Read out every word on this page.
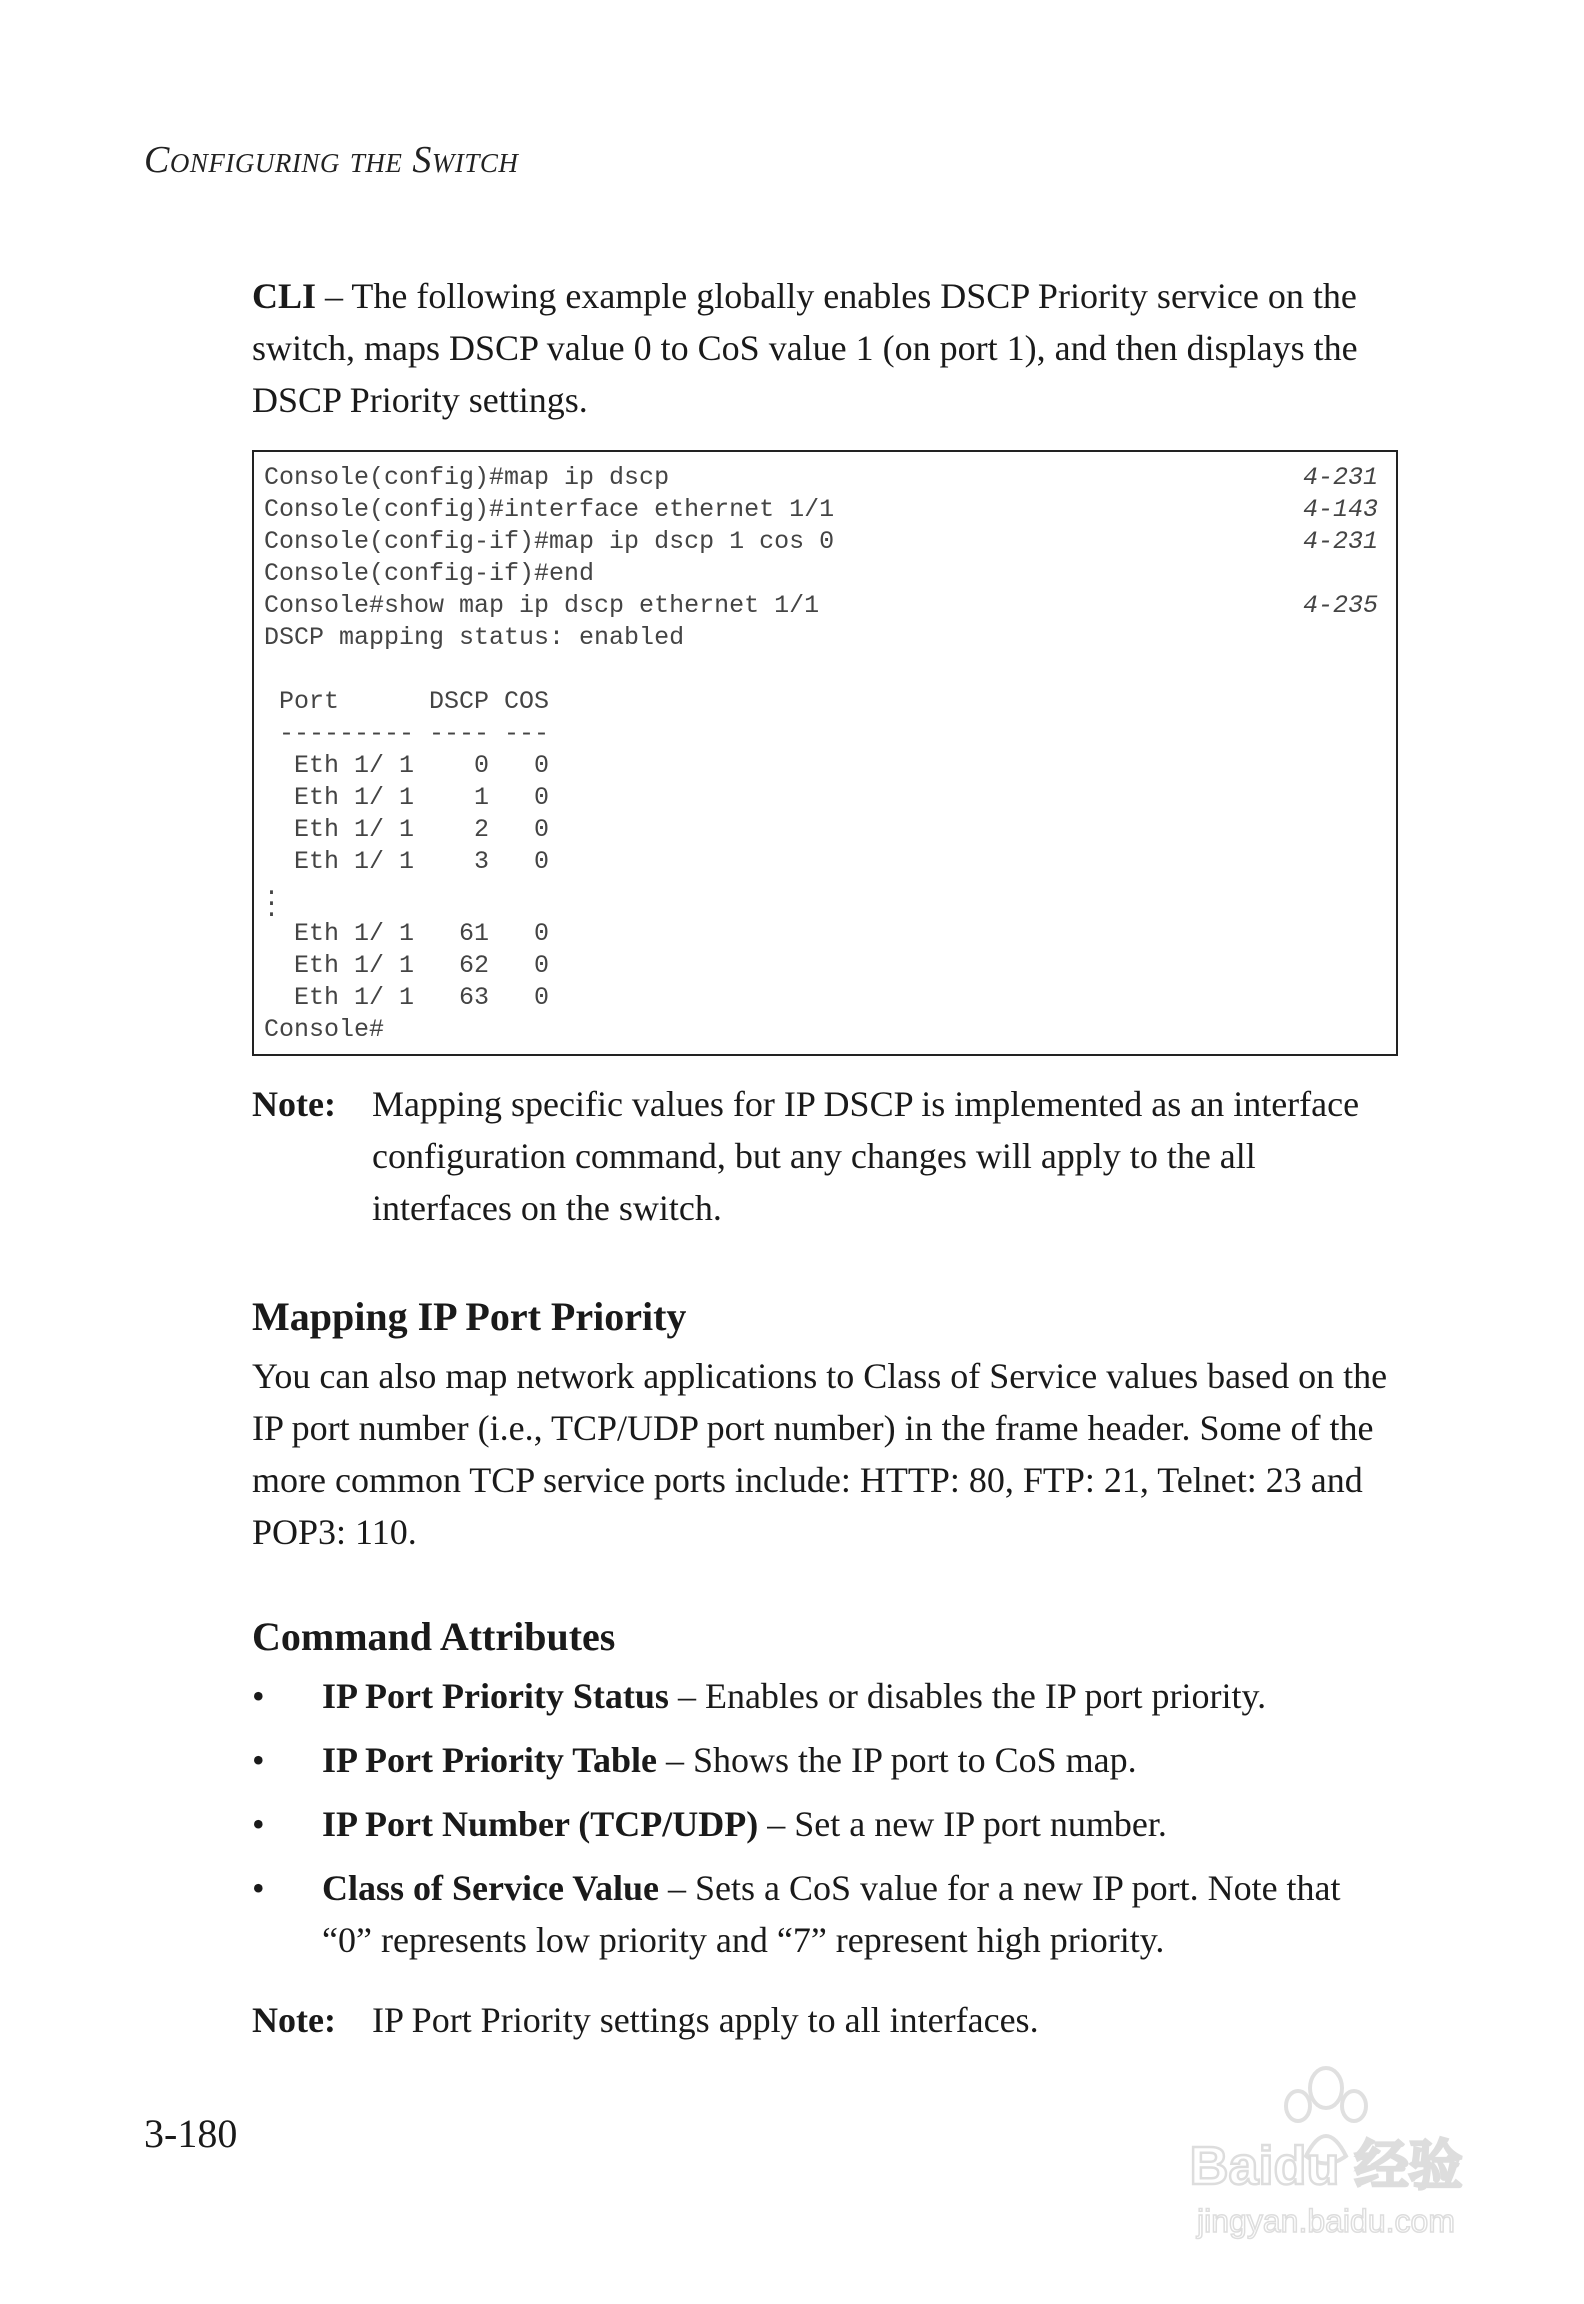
Configuring the Switch

CLI – The following example globally enables DSCP Priority service on the switch, maps DSCP value 0 to CoS value 1 (on port 1), and then displays the DSCP Priority settings.

Console(config)#map ip dscp	4-231
Console(config)#interface ethernet 1/1	4-143
Console(config-if)#map ip dscp 1 cos 0	4-231
Console(config-if)#end
Console#show map ip dscp ethernet 1/1	4-235
DSCP mapping status: enabled
Port      DSCP COS
--------- ---- ---
Eth 1/ 1    0   0
Eth 1/ 1    1   0
Eth 1/ 1    2   0
Eth 1/ 1    3   0
.
.
.
Eth 1/ 1   61   0
Eth 1/ 1   62   0
Eth 1/ 1   63   0
Console#
Note:	Mapping specific values for IP DSCP is implemented as an interface configuration command, but any changes will apply to the all interfaces on the switch.
Mapping IP Port Priority

You can also map network applications to Class of Service values based on the IP port number (i.e., TCP/UDP port number) in the frame header. Some of the more common TCP service ports include: HTTP: 80, FTP: 21, Telnet: 23 and POP3: 110.

Command Attributes
• IP Port Priority Status – Enables or disables the IP port priority.
• IP Port Priority Table – Shows the IP port to CoS map.
• IP Port Number (TCP/UDP) – Set a new IP port number.
• Class of Service Value – Sets a CoS value for a new IP port. Note that “0” represents low priority and “7” represent high priority.
Note:	IP Port Priority settings apply to all interfaces.
3-180
Baidu 经验
jingyan.baidu.com
